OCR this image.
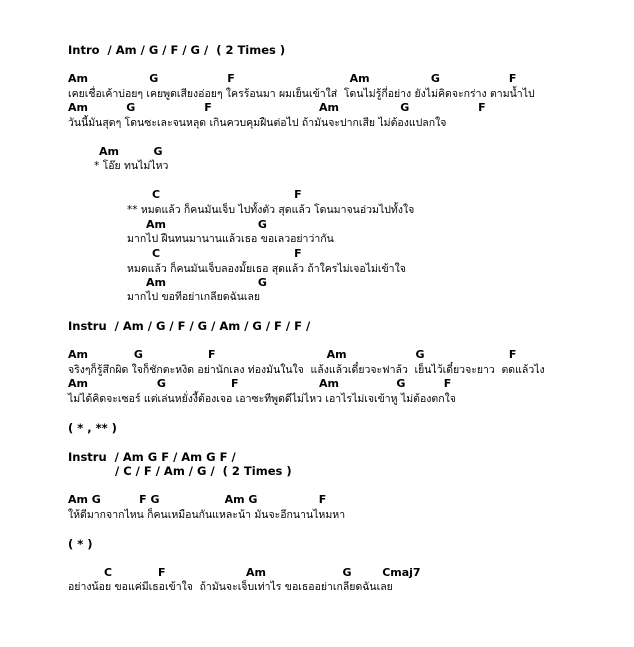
Intro  / Am / G / F / G /  ( 2 Times )
Am                G                  F                              Am                G                  F
เคยเชื่อเค้าบ่อยๆ เคยพูดเสียงอ่อยๆ ใครร้อนมา ผมเย็นเข้าใส่  โดนไม่รู้กี่อย่าง ยังไม่คิดจะกร่าง ตามน้ำไป
Am          G                  F                            Am                G                  F
วันนี้มันสุดๆ โดนซะเละจนหลุด เกินควบคุมฝืนต่อไป ถ้ามันจะปากเสีย ไม่ต้องแปลกใจ
Am         G
* โอ๊ย ทนไม่ไหว
C                                   F
** หมดแล้ว ก็คนมันเจ็บ ไปทั้งตัว สุดแล้ว โดนมาจนอ่วมไปทั้งใจ
Am                        G
มากไป ฝืนทนมานานแล้วเธอ ขอเลวอย่าว่ากัน
C                                   F
หมดแล้ว ก็คนมันเจ็บลองมั้ยเธอ สุดแล้ว ถ้าใครไม่เจอไม่เข้าใจ
Am                        G
มากไป ขอทีอย่าเกลียดฉันเลย
Instru  / Am / G / F / G / Am / G / F / F /
Am            G                 F                             Am                  G                      F
จริงๆก็รู้สึกผิด ใจก็ชักตะหงิด อย่านักเลง ท่องมันในใจ  แล้งแล้วเดี๋ยวจะฟาล้ว  เย็นไว้เดี๋ยวจะยาว  ตดแล้วไง
Am                  G                 F                     Am               G          F
ไม่ได้คิดจะเซอร์ แต่เล่นหยั่งงี้ต้องเจอ เอาซะทีพูดดีไม่ไหว เอาไรไม่เจเข้าหู ไม่ต้องตกใจ
( * , ** )
Instru  / Am G F / Am G F /
/ C / F / Am / G /  ( 2 Times )
Am G          F G                 Am G                F
ให้ดีมากจากไหน ก็คนเหมือนกันแหละน้า มันจะอีกนานไหมหา
( * )
C            F                     Am                    G        Cmaj7
อย่างน้อย ขอแค่มีเธอเข้าใจ  ถ้ามันจะเจ็บเท่าไร ขอเธออย่าเกลียดฉันเลย
